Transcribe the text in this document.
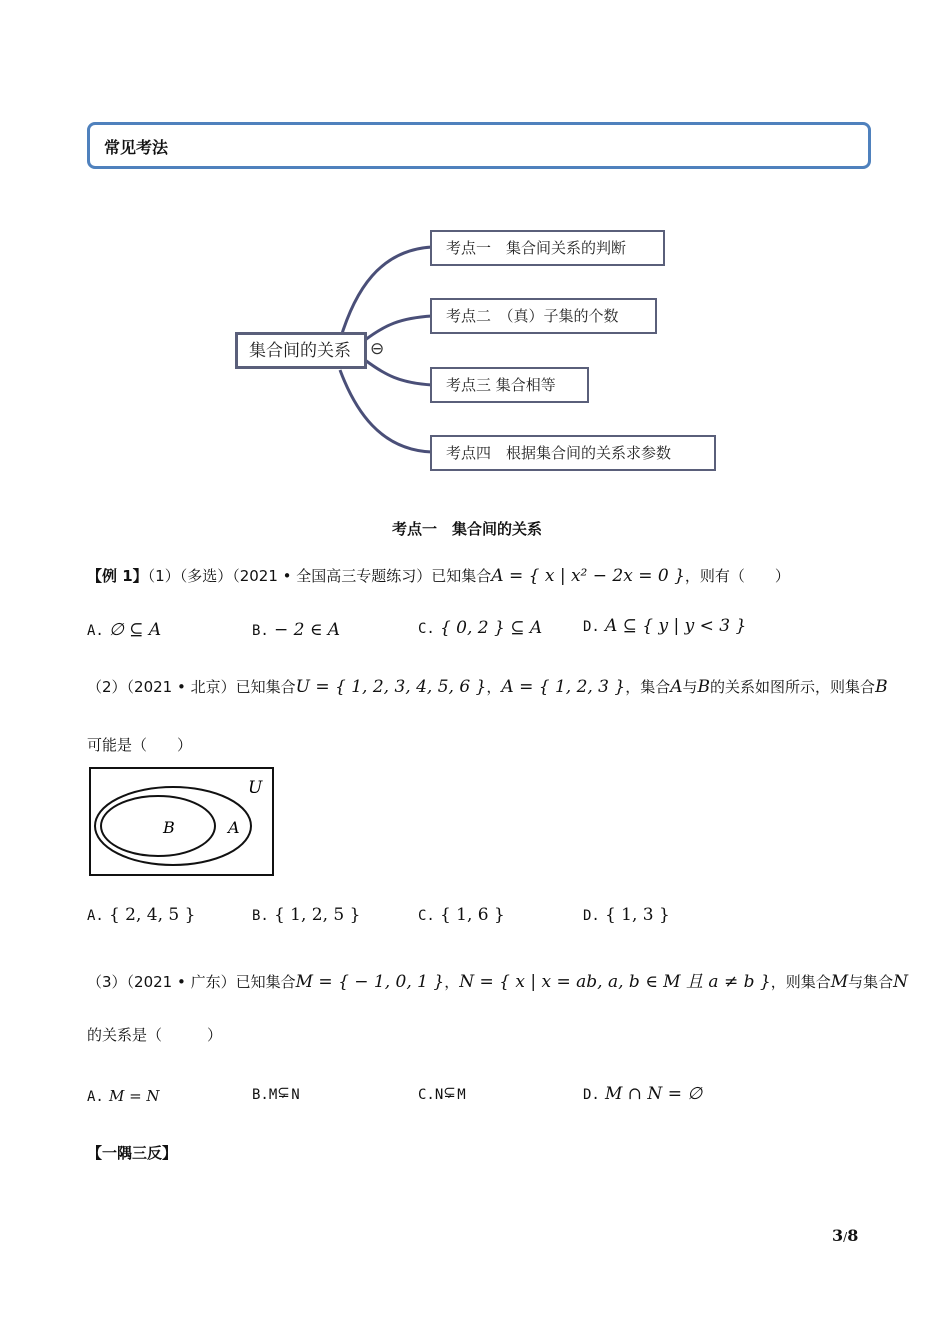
常见考法
集合间的关系	⊖
考点一　集合间关系的判断
考点二　（真）子集的个数
考点三 集合相等
考点四　根据集合间的关系求参数
考点一　集合间的关系
【例 1】（1）（多选）（2021 • 全国高三专题练习）已知集合A = { x | x² − 2x = 0 }，则有（　　）
A. ∅ ⊆ A	B. − 2 ∈ A	C. { 0, 2 } ⊆ A	D. A ⊆ { y | y < 3 }
（2）（2021 • 北京）已知集合U = { 1, 2, 3, 4, 5, 6 }，A = { 1, 2, 3 }，集合A与B的关系如图所示，则集合B
可能是（　　）
U
A
B
A. { 2, 4, 5 }	B. { 1, 2, 5 }	C. { 1, 6 }	D. { 1, 3 }
（3）（2021 • 广东）已知集合M = { − 1, 0, 1 }，N = { x | x = ab, a, b ∈ M 且 a ≠ b }，则集合M与集合N
的关系是（　　　）
A. M = N	B.M ⊊ N	C.N ⊊ M	D. M ∩ N = ∅
【一隅三反】
3/8
